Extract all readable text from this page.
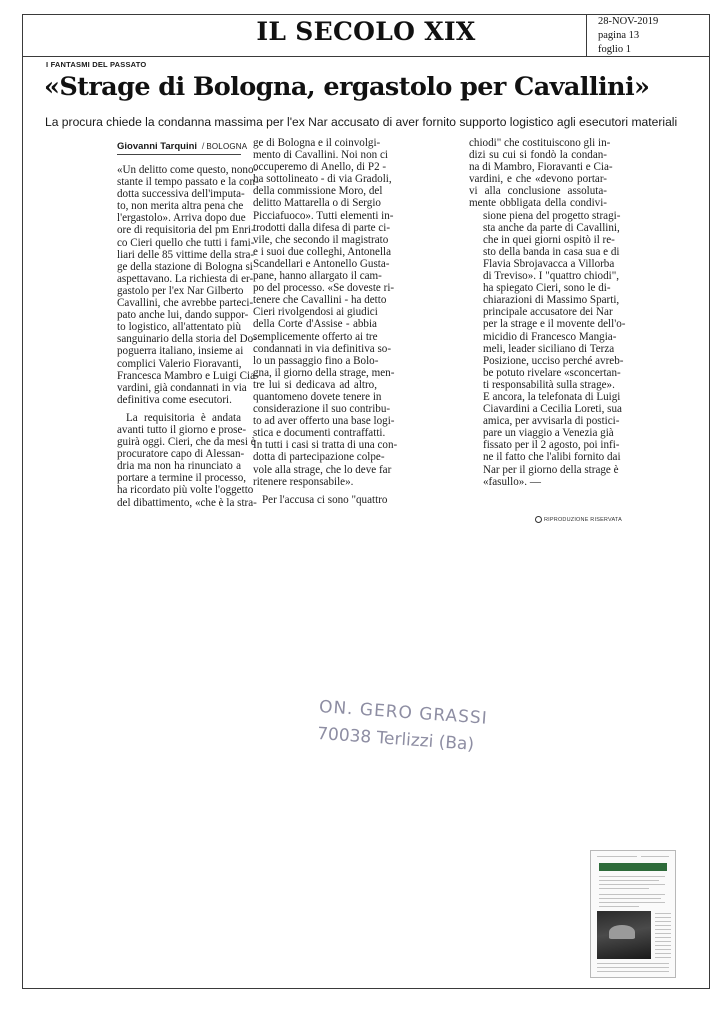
IL SECOLO XIX	28-NOV-2019
pagina 13
foglio 1
I FANTASMI DEL PASSATO
«Strage di Bologna, ergastolo per Cavallini»

La procura chiede la condanna massima per l'ex Nar accusato di aver fornito supporto logistico agli esecutori materiali

Giovanni Tarquini / BOLOGNA
«Un delitto come questo, nono-
stante il tempo passato e la con-
dotta successiva dell'imputa-
to, non merita altra pena che
l'ergastolo». Arriva dopo due
ore di requisitoria del pm Enri-
co Cieri quello che tutti i fami-
liari delle 85 vittime della stra-
ge della stazione di Bologna si
aspettavano. La richiesta di er-
gastolo per l'ex Nar Gilberto
Cavallini, che avrebbe parteci-
pato anche lui, dando suppor-
to logistico, all'attentato più
sanguinario della storia del Do-
poguerra italiano, insieme ai
complici Valerio Fioravanti,
Francesca Mambro e Luigi Cia-
vardini, già condannati in via
definitiva come esecutori.
La requisitoria è andata
avanti tutto il giorno e prose-
guirà oggi. Cieri, che da mesi è
procuratore capo di Alessan-
dria ma non ha rinunciato a
portare a termine il processo,
ha ricordato più volte l'oggetto
del dibattimento, «che è la stra-
ge di Bologna e il coinvolgi-
mento di Cavallini. Noi non ci
occuperemo di Anello, di P2 -
ha sottolineato - di via Gradoli,
della commissione Moro, del
delitto Mattarella o di Sergio
Picciafuoco». Tutti elementi in-
trodotti dalla difesa di parte ci-
vile, che secondo il magistrato
e i suoi due colleghi, Antonella
Scandellari e Antonello Gusta-
pane, hanno allargato il cam-
po del processo. «Se doveste ri-
tenere che Cavallini - ha detto
Cieri rivolgendosi ai giudici
della Corte d'Assise - abbia
semplicemente offerto ai tre
condannati in via definitiva so-
lo un passaggio fino a Bolo-
gna, il giorno della strage, men-
tre lui si dedicava ad altro,
quantomeno dovete tenere in
considerazione il suo contribu-
to ad aver offerto una base logi-
stica e documenti contraffatti.
In tutti i casi si tratta di una con-
dotta di partecipazione colpe-
vole alla strage, che lo deve far
ritenere responsabile».
Per l'accusa ci sono "quattro
chiodi" che costituiscono gli in-
dizi su cui si fondò la condan-
na di Mambro, Fioravanti e Cia-
vardini, e che «devono portar-
vi alla conclusione assoluta-
mente obbligata della condivi-
sione piena del progetto stragi-
sta anche da parte di Cavallini,
che in quei giorni ospitò il re-
sto della banda in casa sua e di
Flavia Sbrojavacca a Villorba
di Treviso». I "quattro chiodi",
ha spiegato Cieri, sono le di-
chiarazioni di Massimo Sparti,
principale accusatore dei Nar
per la strage e il movente dell'o-
micidio di Francesco Mangia-
meli, leader siciliano di Terza
Posizione, ucciso perché avreb-
be potuto rivelare «sconcertan-
ti responsabilità sulla strage».
E ancora, la telefonata di Luigi
Ciavardini a Cecilia Loreti, sua
amica, per avvisarla di postici-
pare un viaggio a Venezia già
fissato per il 2 agosto, poi infi-
ne il fatto che l'alibi fornito dai
Nar per il giorno della strage è
«fasullo». —
RIPRODUZIONE RISERVATA
ON. GERO GRASSI
70038 Terlizzi (Ba)
